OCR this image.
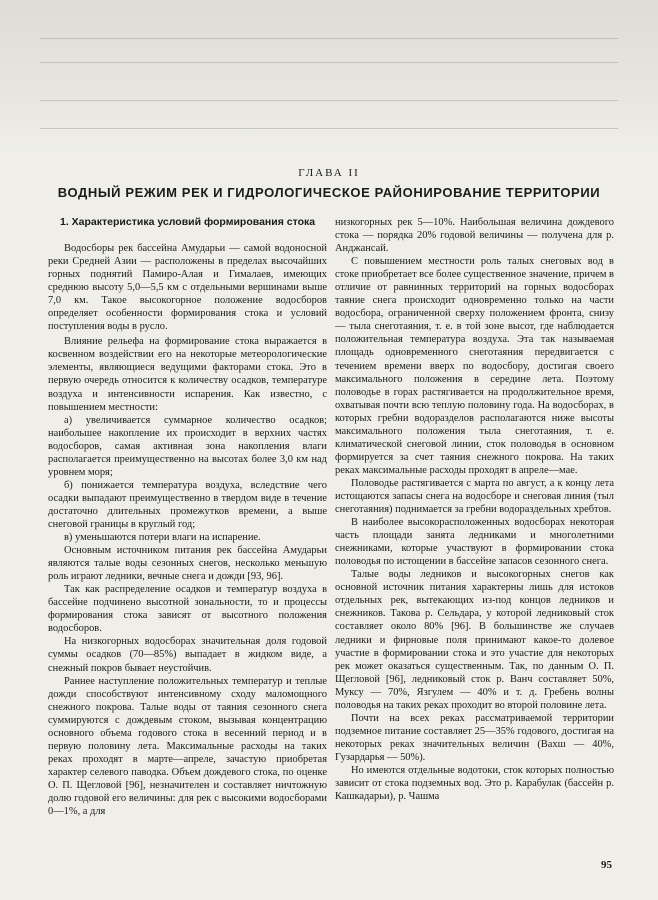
ГЛАВА II
ВОДНЫЙ РЕЖИМ РЕК И ГИДРОЛОГИЧЕСКОЕ РАЙОНИРОВАНИЕ ТЕРРИТОРИИ
1. Характеристика условий формирования стока

Водосборы рек бассейна Амударьи — самой водоносной реки Средней Азии — расположены в пределах высочайших горных поднятий Памиро-Алая и Гималаев, имеющих среднюю высоту 5,0—5,5 км с отдельными вершинами выше 7,0 км. Такое высокогорное положение водосборов определяет особенности формирования стока и условий поступления воды в русло.

Влияние рельефа на формирование стока выражается в косвенном воздействии его на некоторые метеорологические элементы, являющиеся ведущими факторами стока. Это в первую очередь относится к количеству осадков, температуре воздуха и интенсивности испарения. Как известно, с повышением местности:

а) увеличивается суммарное количество осадков; наибольшее накопление их происходит в верхних частях водосборов, самая активная зона накопления влаги располагается преимущественно на высотах более 3,0 км над уровнем моря;

б) понижается температура воздуха, вследствие чего осадки выпадают преимущественно в твердом виде в течение достаточно длительных промежутков времени, а выше снеговой границы в круглый год;

в) уменьшаются потери влаги на испарение.

Основным источником питания рек бассейна Амударьи являются талые воды сезонных снегов, несколько меньшую роль играют ледники, вечные снега и дожди [93, 96].

Так как распределение осадков и температур воздуха в бассейне подчинено высотной зональности, то и процессы формирования стока зависят от высотного положения водосборов.

На низкогорных водосборах значительная доля годовой суммы осадков (70—85%) выпадает в жидком виде, а снежный покров бывает неустойчив.

Раннее наступление положительных температур и теплые дожди способствуют интенсивному сходу маломощного снежного покрова. Талые воды от таяния сезонного снега суммируются с дождевым стоком, вызывая концентрацию основного объема годового стока в весенний период и в первую половину лета. Максимальные расходы на таких реках проходят в марте—апреле, зачастую приобретая характер селевого паводка. Объем дождевого стока, по оценке О. П. Щегловой [96], незначителен и составляет ничтожную долю годовой его величины: для рек с высокими водосборами 0—1%, а для

низкогорных рек 5—10%. Наибольшая величина дождевого стока — порядка 20% годовой величины — получена для р. Анджансай.

С повышением местности роль талых снеговых вод в стоке приобретает все более существенное значение, причем в отличие от равнинных территорий на горных водосборах таяние снега происходит одновременно только на части водосбора, ограниченной сверху положением фронта, снизу — тыла снеготаяния, т. е. в той зоне высот, где наблюдается положительная температура воздуха. Эта так называемая площадь одновременного снеготаяния передвигается с течением времени вверх по водосбору, достигая своего максимального положения в середине лета. Поэтому половодье в горах растягивается на продолжительное время, охватывая почти всю теплую половину года. На водосборах, в которых гребни водоразделов располагаются ниже высоты максимального положения тыла снеготаяния, т. е. климатической снеговой линии, сток половодья в основном формируется за счет таяния снежного покрова. На таких реках максимальные расходы проходят в апреле—мае.

Половодье растягивается с марта по август, а к концу лета истощаются запасы снега на водосборе и снеговая линия (тыл снеготаяния) поднимается за гребни водораздельных хребтов.

В наиболее высокорасположенных водосборах некоторая часть площади занята ледниками и многолетними снежниками, которые участвуют в формировании стока половодья по истощении в бассейне запасов сезонного снега.

Талые воды ледников и высокогорных снегов как основной источник питания характерны лишь для истоков отдельных рек, вытекающих из-под концов ледников и снежников. Такова р. Сельдара, у которой ледниковый сток составляет около 80% [96]. В большинстве же случаев ледники и фирновые поля принимают какое-то долевое участие в формировании стока и это участие для некоторых рек может оказаться существенным. Так, по данным О. П. Щегловой [96], ледниковый сток р. Ванч составляет 50%, Муксу — 70%, Язгулем — 40% и т. д. Гребень волны половодья на таких реках проходит во второй половине лета.

Почти на всех реках рассматриваемой территории подземное питание составляет 25—35% годового, достигая на некоторых реках значительных величин (Вахш — 40%, Гузардарья — 50%).

Но имеются отдельные водотоки, сток которых полностью зависит от стока подземных вод. Это р. Карабулак (бассейн р. Кашкадарьи), р. Чашма

95
